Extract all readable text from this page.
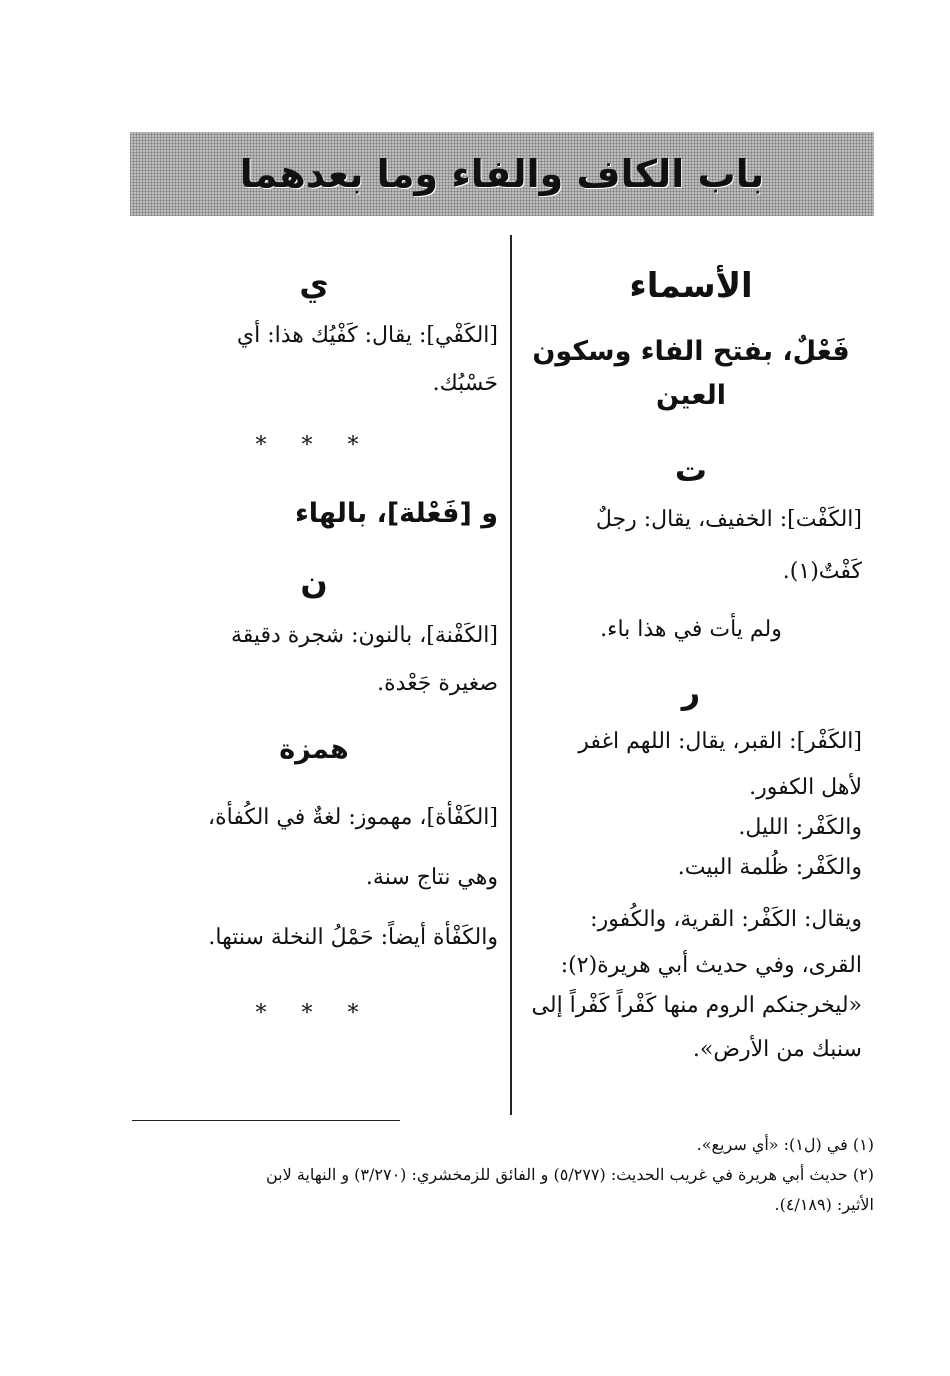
باب الكاف والفاء وما بعدهما
الأسماء
فَعْلٌ، بفتح الفاء وسكون العين
ت

[الكَفْت]: الخفيف، يقال: رجلٌ

كَفْتٌ(١).

ولم يأت في هذا باء.

ر

[الكَفْر]: القبر، يقال: اللهم اغفر

لأهل الكفور.

والكَفْر: الليل.

والكَفْر: ظُلمة البيت.

ويقال: الكَفْر: القرية، والكُفور:

القرى، وفي حديث أبي هريرة(٢):

«ليخرجنكم الروم منها كَفْراً كَفْراً إلى

سنبك من الأرض».

ي

[الكَفْي]: يقال: كَفْيُك هذا: أي

حَسْبُك.

* * *
و [فَعْلة]، بالهاء
ن

[الكَفْنة]، بالنون: شجرة دقيقة

صغيرة جَعْدة.

همزة

[الكَفْأة]، مهموز: لغةٌ في الكُفأة،

وهي نتاج سنة.

والكَفْأة أيضاً: حَمْلُ النخلة سنتها.

* * *

(١) في (ل١): «أي سريع».

(٢) حديث أبي هريرة في غريب الحديث: (٥/٢٧٧) و الفائق للزمخشري: (٣/٢٧٠) و النهاية لابن

الأثير: (٤/١٨٩).
